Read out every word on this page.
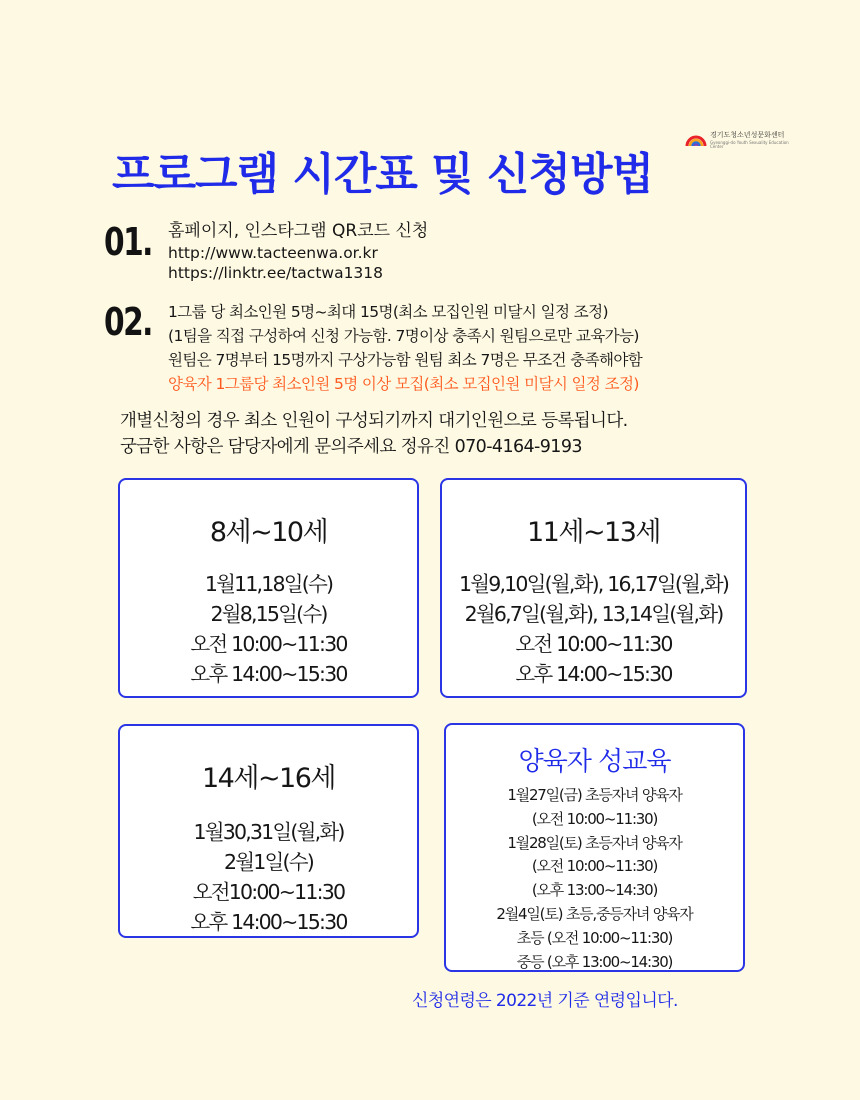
경기도청소년성문화센터
Gyeonggi-do Youth Sexuality Education Center
프로그램 시간표 및 신청방법
01. 홈페이지, 인스타그램 QR코드 신청
http://www.tacteenwa.or.kr
https://linktr.ee/tactwa1318
02. 1그룹 당 최소인원 5명~최대 15명(최소 모집인원 미달시 일정 조정)
(1팀을 직접 구성하여 신청 가능함. 7명이상 충족시 원팀으로만 교육가능)
원팀은 7명부터 15명까지 구상가능함 원팀 최소 7명은 무조건 충족해야함
양육자 1그룹당 최소인원 5명 이상 모집(최소 모집인원 미달시 일정 조정)
개별신청의 경우 최소 인원이 구성되기까지 대기인원으로 등록됩니다.
궁금한 사항은 담당자에게 문의주세요 정유진 070-4164-9193
8세~10세
1월11,18일(수)
2월8,15일(수)
오전 10:00~11:30
오후 14:00~15:30
11세~13세
1월9,10일(월,화), 16,17일(월,화)
2월6,7일(월,화), 13,14일(월,화)
오전 10:00~11:30
오후 14:00~15:30
14세~16세
1월30,31일(월,화)
2월1일(수)
오전10:00~11:30
오후 14:00~15:30
양육자 성교육
1월27일(금) 초등자녀 양육자
(오전 10:00~11:30)
1월28일(토) 초등자녀 양육자
(오전 10:00~11:30)
(오후 13:00~14:30)
2월4일(토) 초등,중등자녀 양육자
초등 (오전 10:00~11:30)
중등 (오후 13:00~14:30)

신청연령은 2022년 기준 연령입니다.
